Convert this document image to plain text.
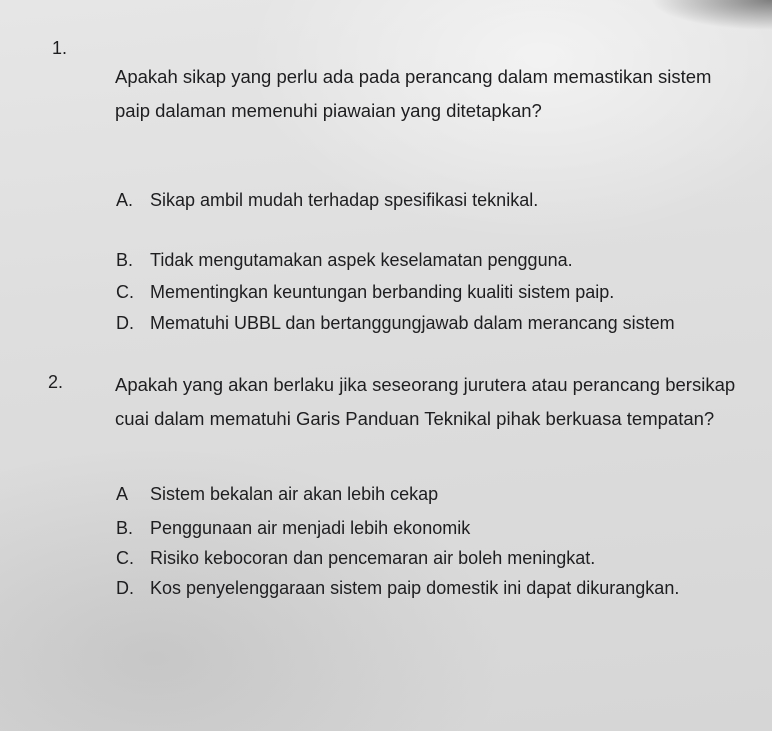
1.
Apakah sikap yang perlu ada pada perancang dalam memastikan sistem
paip dalaman memenuhi piawaian yang ditetapkan?
A. Sikap ambil mudah terhadap spesifikasi teknikal.
B. Tidak mengutamakan aspek keselamatan pengguna.
C. Mementingkan keuntungan berbanding kualiti sistem paip.
D. Mematuhi UBBL dan bertanggungjawab dalam merancang sistem
2.	Apakah yang akan berlaku jika seseorang jurutera atau perancang bersikap
cuai dalam mematuhi Garis Panduan Teknikal pihak berkuasa tempatan?
A Sistem bekalan air akan lebih cekap
B. Penggunaan air menjadi lebih ekonomik
C. Risiko kebocoran dan pencemaran air boleh meningkat.
D. Kos penyelenggaraan sistem paip domestik ini dapat dikurangkan.
